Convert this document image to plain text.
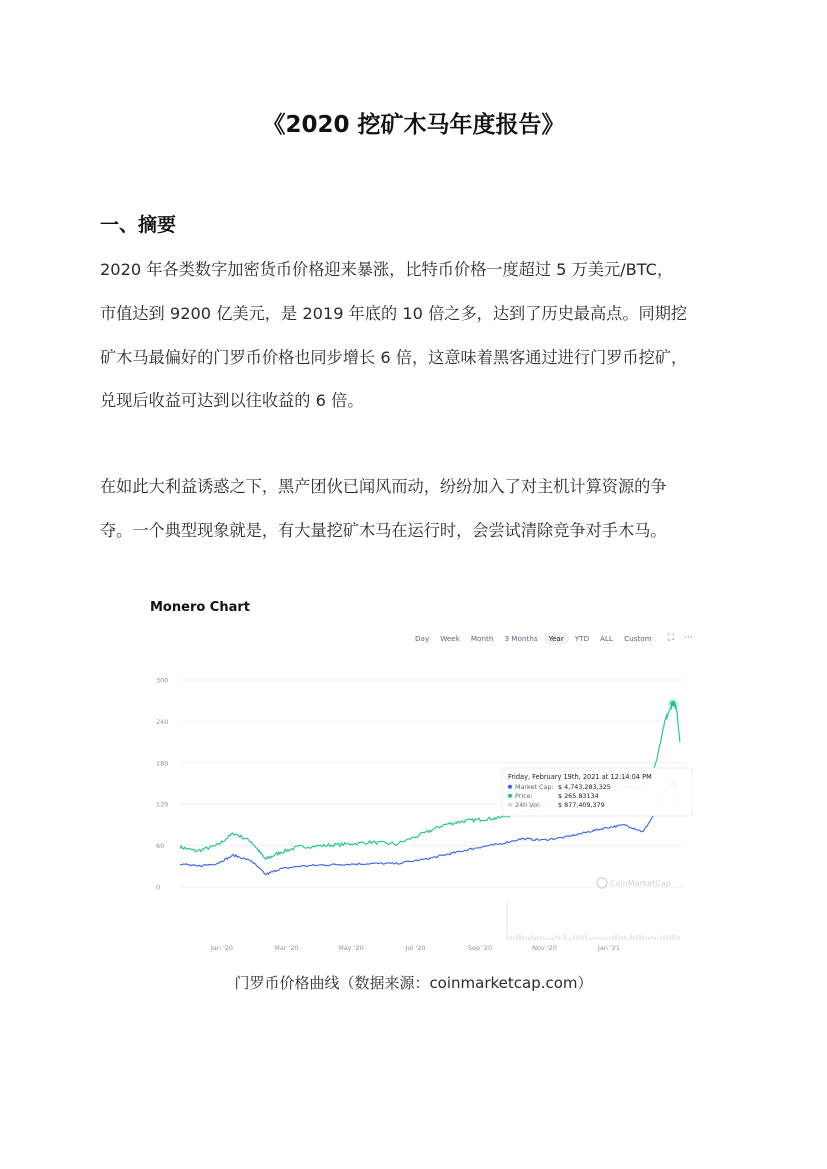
《2020 挖矿木马年度报告》
一、摘要
2020 年各类数字加密货币价格迎来暴涨，比特币价格一度超过 5 万美元/BTC，
市值达到 9200 亿美元，是 2019 年底的 10 倍之多，达到了历史最高点。同期挖
矿木马最偏好的门罗币价格也同步增长 6 倍，这意味着黑客通过进行门罗币挖矿，
兑现后收益可达到以往收益的 6 倍。
在如此大利益诱惑之下，黑产团伙已闻风而动，纷纷加入了对主机计算资源的争
夺。一个典型现象就是，有大量挖矿木马在运行时，会尝试清除竞争对手木马。
Monero Chart
Day	Week	Month	3 Months	Year	YTD	ALL	Custom	⛶ ⋯
300
240
180
120
60
0
Jan '20	Mar '20	May '20	Jul '20	Sep '20	Nov '20	Jan '21
CoinMarketCap
Friday, February 19th, 2021 at 12:14:04 PM
Market Cap: $ 4,743,283,325
Price:	$ 265.83134
24h Vol:	$ 877,409,379
门罗币价格曲线（数据来源：coinmarketcap.com）
